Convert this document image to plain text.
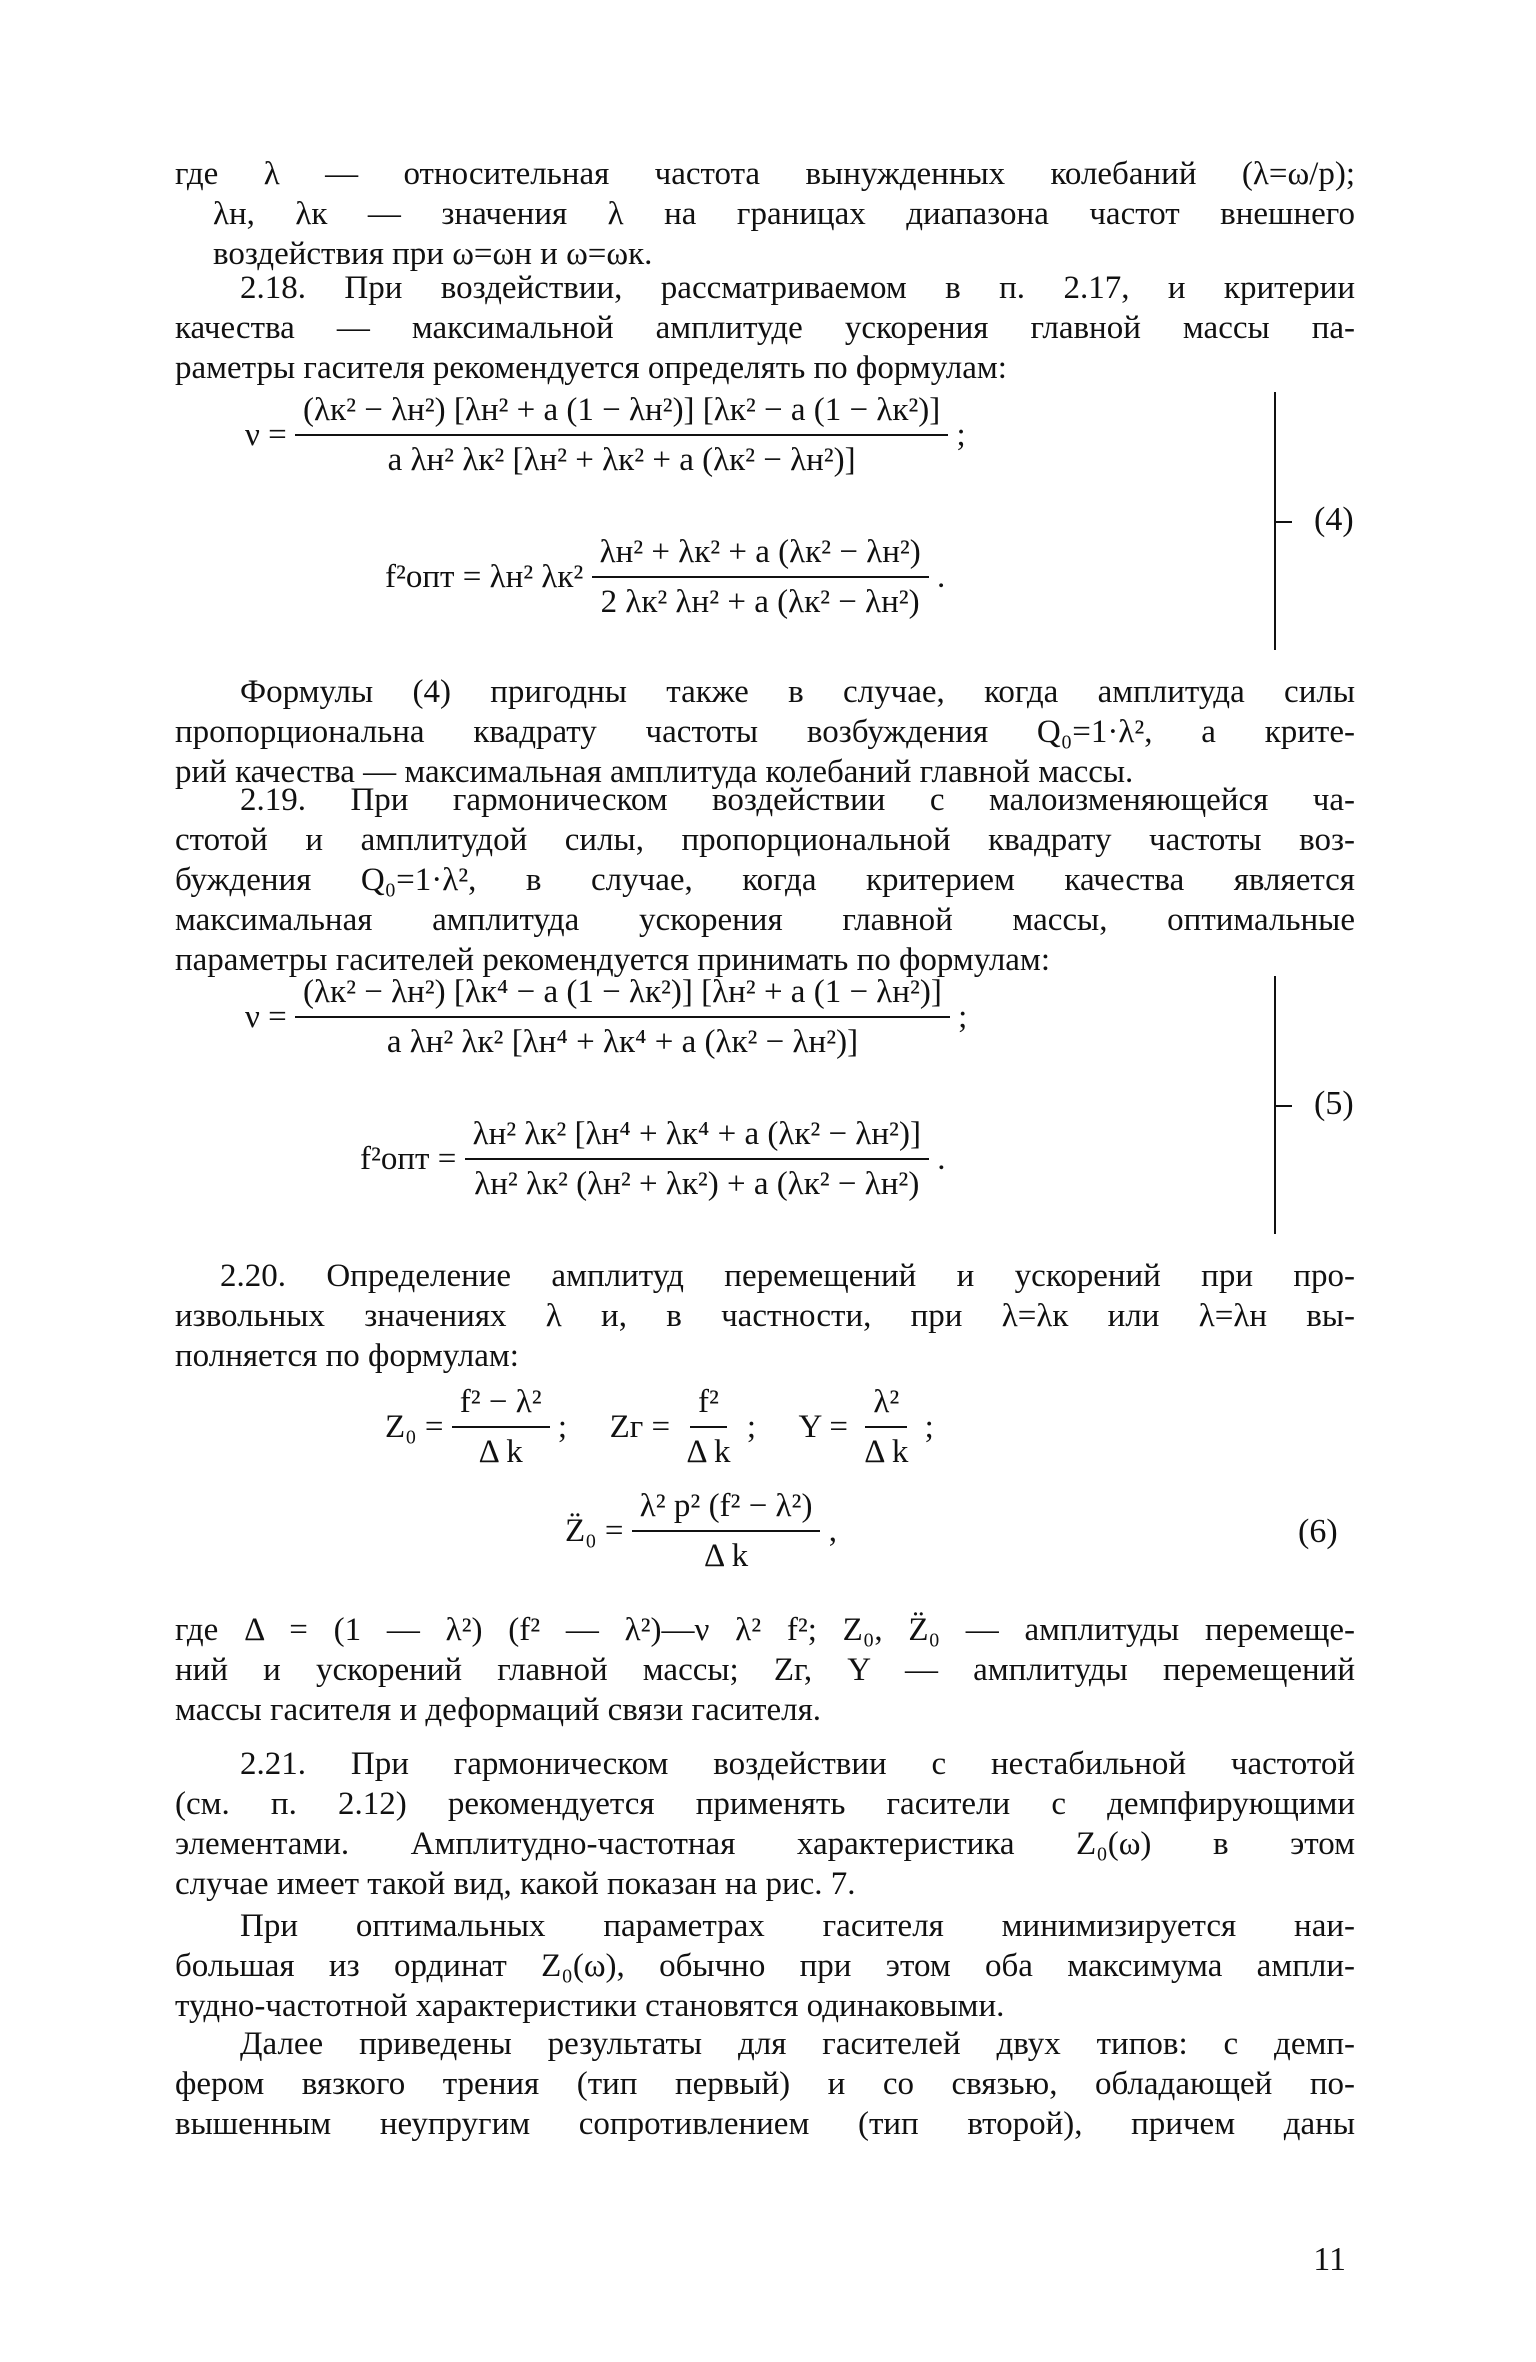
где λ — относительная частота вынужденных колебаний (λ=ω/p);
λн, λк — значения λ на границах диапазона частот внешнего
воздействия при ω=ωн и ω=ωк.
2.18. При воздействии, рассматриваемом в п. 2.17, и критерии
качества — максимальной амплитуде ускорения главной массы па-
раметры гасителя рекомендуется определять по формулам:
$\nu = \frac{\text{(λк² − λн²) [λн² + a (1 − λн²)] [λк² − a (1 − λк²)]}}{\text{a λн² λк² [λн² + λк² + a (λк² − λн²)]}}$ ;
f²опт = λн² $\lambda к^2 \frac{\text{λн² + λк² + a (λк² − λн²)}}{\text{2 λк² λн² + a (λк² − λн²)}}$ .
(4)
Формулы (4) пригодны также в случае, когда амплитуда силы
пропорциональна квадрату частоты возбуждения Q₀=1·λ², а крите-
рий качества — максимальная амплитуда колебаний главной массы.
2.19. При гармоническом воздействии с малоизменяющейся ча-
стотой и амплитудой силы, пропорциональной квадрату частоты воз-
буждения Q₀=1·λ², в случае, когда критерием качества является
максимальная амплитуда ускорения главной массы, оптимальные
параметры гасителей рекомендуется принимать по формулам:
$\nu = \frac{\text{(λк² − λн²) [λк⁴ − a (1 − λк²)] [λн² + a (1 − λн²)]}}{\text{a λн² λк² [λн⁴ + λк⁴ + a (λк² − λн²)]}}$ ;
$f^2опт = \frac{\text{λн² λк² [λн⁴ + λк⁴ + a (λк² − λн²)]}}{\text{λн² λк² (λн² + λк²) + a (λк² − λн²)}}$ .
(5)
2.20. Определение амплитуд перемещений и ускорений при про-
извольных значениях λ и, в частности, при λ=λк или λ=λн вы-
полняется по формулам:
$Z_0 = \frac{\text{f² − λ²}}{\text{Δ k}}$ ; Zг = $\frac{\text{f²}}{\text{Δ k}}$ ; $Y = \frac{\text{λ²}}{\text{Δ k}}$ ;
Z̈₀ = $\frac{\text{λ² p² (f² − λ²)}}{\text{Δ k}}$ ,	(6)
где Δ = (1 — λ²) (f² — λ²)—ν λ² f²; Z₀, Z̈₀ — амплитуды перемеще-
ний и ускорений главной массы; Zг, Y — амплитуды перемещений
массы гасителя и деформаций связи гасителя.
2.21. При гармоническом воздействии с нестабильной частотой
(см. п. 2.12) рекомендуется применять гасители с демпфирующими
элементами. Амплитудно-частотная характеристика Z₀(ω) в этом
случае имеет такой вид, какой показан на рис. 7.
При оптимальных параметрах гасителя минимизируется наи-
большая из ординат Z₀(ω), обычно при этом оба максимума ампли-
тудно-частотной характеристики становятся одинаковыми.
Далее приведены результаты для гасителей двух типов: с демп-
фером вязкого трения (тип первый) и со связью, обладающей по-
вышенным неупругим сопротивлением (тип второй), причем даны
11
